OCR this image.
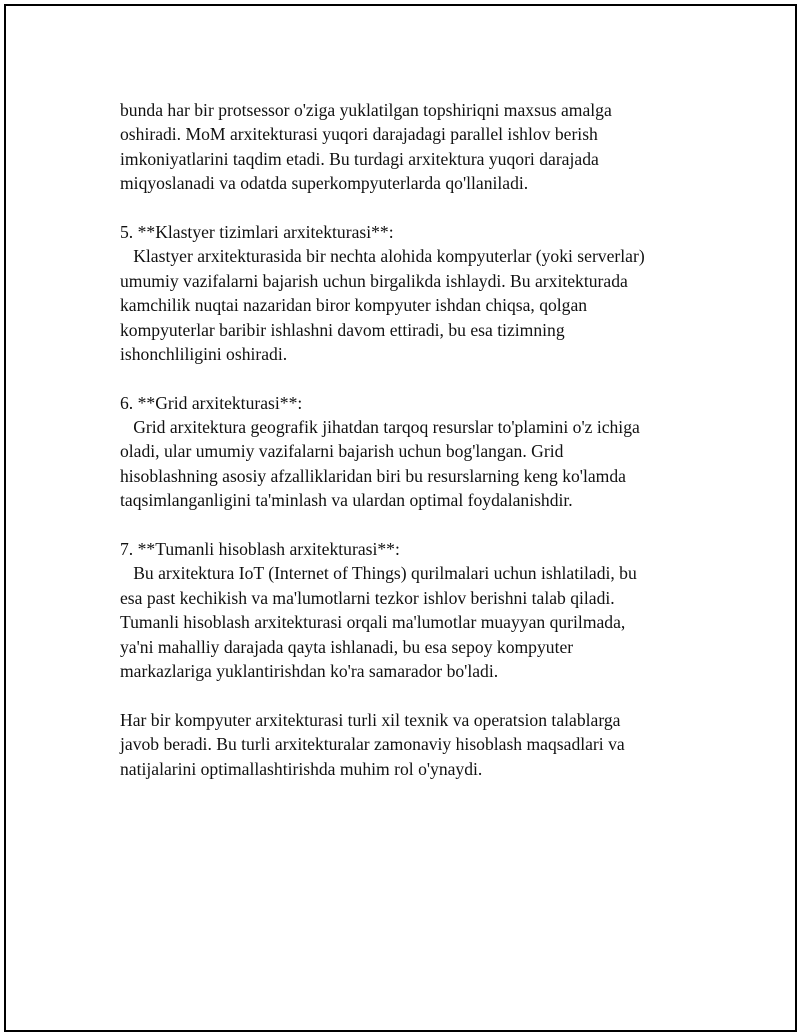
bunda har bir protsessor o'ziga yuklatilgan topshiriqni maxsus amalga
oshiradi. MoM arxitekturasi yuqori darajadagi parallel ishlov berish
imkoniyatlarini taqdim etadi. Bu turdagi arxitektura yuqori darajada
miqyoslanadi va odatda superkompyuterlarda qo'llaniladi.
5. **Klastyer tizimlari arxitekturasi**:
Klastyer arxitekturasida bir nechta alohida kompyuterlar (yoki serverlar)
umumiy vazifalarni bajarish uchun birgalikda ishlaydi. Bu arxitekturada
kamchilik nuqtai nazaridan biror kompyuter ishdan chiqsa, qolgan
kompyuterlar baribir ishlashni davom ettiradi, bu esa tizimning
ishonchliligini oshiradi.
6. **Grid arxitekturasi**:
Grid arxitektura geografik jihatdan tarqoq resurslar to'plamini o'z ichiga
oladi, ular umumiy vazifalarni bajarish uchun bog'langan. Grid
hisoblashning asosiy afzalliklaridan biri bu resurslarning keng ko'lamda
taqsimlanganligini ta'minlash va ulardan optimal foydalanishdir.
7. **Tumanli hisoblash arxitekturasi**:
Bu arxitektura IoT (Internet of Things) qurilmalari uchun ishlatiladi, bu
esa past kechikish va ma'lumotlarni tezkor ishlov berishni talab qiladi.
Tumanli hisoblash arxitekturasi orqali ma'lumotlar muayyan qurilmada,
ya'ni mahalliy darajada qayta ishlanadi, bu esa sepoy kompyuter
markazlariga yuklantirishdan ko'ra samarador bo'ladi.
Har bir kompyuter arxitekturasi turli xil texnik va operatsion talablarga
javob beradi. Bu turli arxitekturalar zamonaviy hisoblash maqsadlari va
natijalarini optimallashtirishda muhim rol o'ynaydi.
